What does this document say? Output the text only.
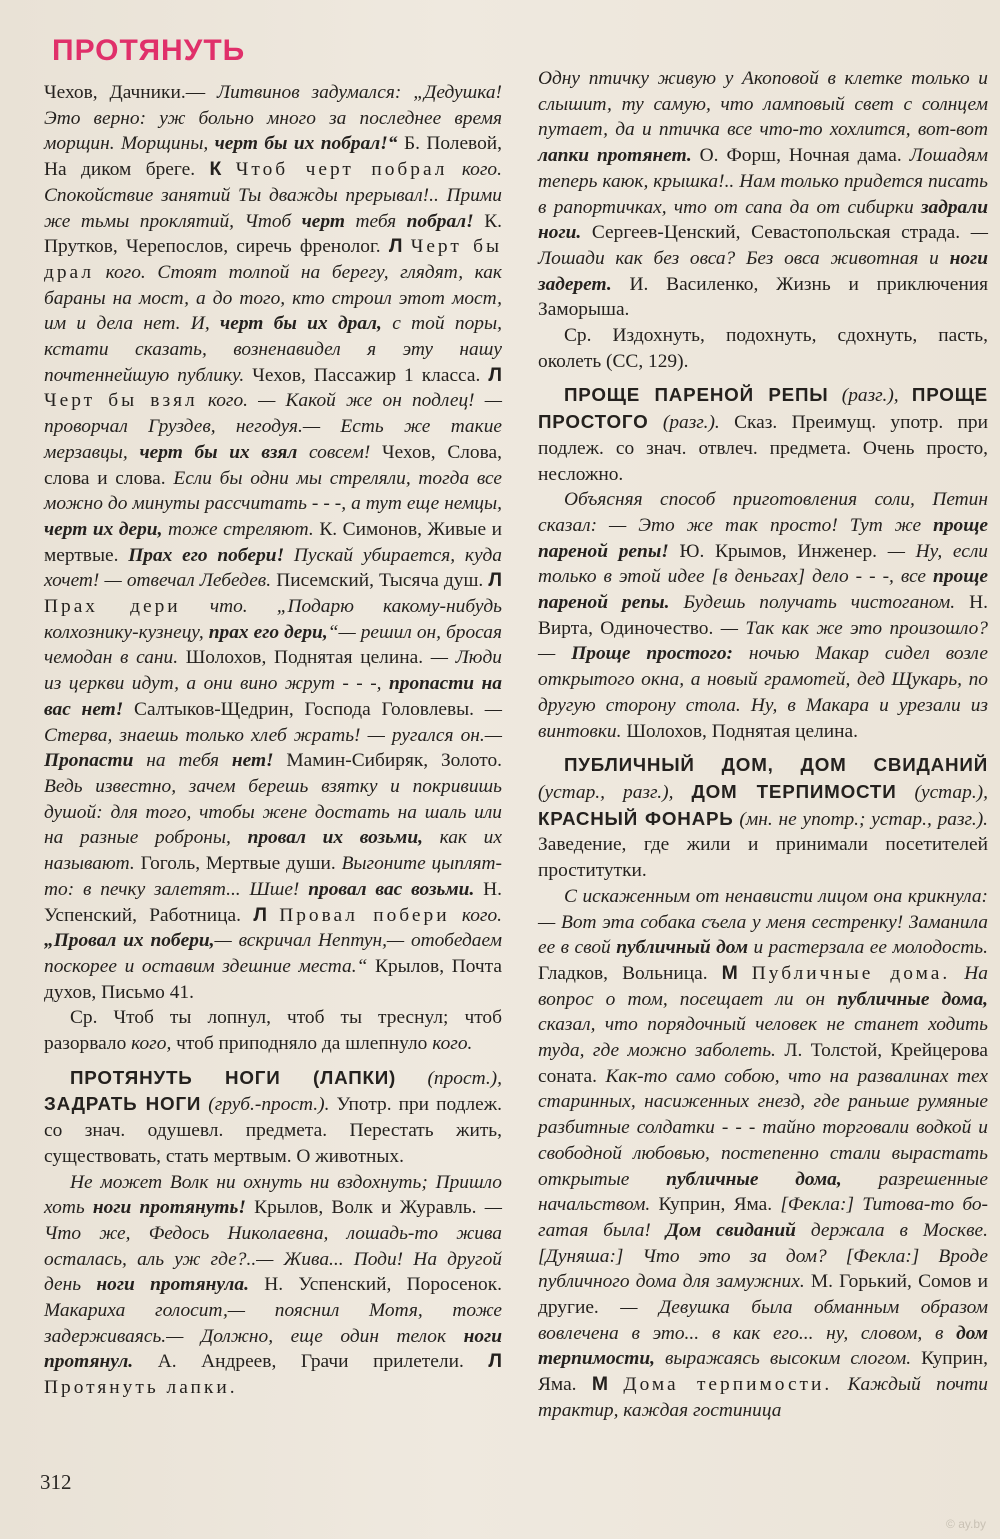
ПРОТЯНУТЬ

Чехов, Дачники.— Литвинов задумался: „Дедушка! Это верно: уж больно много за последнее время морщин. Морщины, черт бы их побрал!“ Б. Полевой, На диком бреге. К Чтоб черт побрал кого. Спокойствие занятий Ты дважды прерывал!.. Прими же тьмы проклятий, Чтоб черт тебя побрал! К. Прутков, Черепослов, сиречь френолог. Л Черт бы драл кого. Стоят толпой на берегу, глядят, как бараны на мост, а до того, кто строил этот мост, им и дела нет. И, черт бы их драл, с той поры, кстати сказать, возненавидел я эту нашу почтеннейшую публику. Чехов, Пассажир 1 класса. Л Черт бы взял кого. — Какой же он подлец! — проворчал Груздев, негодуя.— Есть же такие мерзавцы, черт бы их взял совсем! Чехов, Слова, слова и слова. Если бы одни мы стреляли, тогда все можно до минуты рассчитать - - -, а тут еще немцы, черт их дери, тоже стреляют. К. Симонов, Живые и мертвые. Прах его побери! Пускай убирается, куда хочет! — отвечал Лебедев. Писемский, Тысяча душ. Л Прах дери что. „Подарю какому-нибудь колхознику-кузнецу, прах его дери,“— решил он, бросая чемодан в сани. Шолохов, Поднятая целина. — Люди из церкви идут, а они вино жрут - - -, пропасти на вас нет! Салтыков-Щедрин, Господа Головлевы. — Стерва, знаешь только хлеб жрать! — ругался он.— Пропасти на тебя нет! Мамин-Сибиряк, Золото. Ведь известно, зачем берешь взятку и покривишь душой: для того, чтобы жене достать на шаль или на разные роброны, провал их возьми, как их называют. Гоголь, Мертвые души. Выгоните цыплят-то: в печку залетят... Шше! провал вас возьми. Н. Успенский, Работница. Л Провал побери кого. „Провал их побери,— вскричал Нептун,— отобедаем поскорее и оставим здешние места.“ Крылов, Почта духов, Письмо 41.

Ср. Чтоб ты лопнул, чтоб ты треснул; чтоб разорвало кого, чтоб приподняло да шлепнуло кого.

ПРОТЯНУТЬ НОГИ (ЛАПКИ) (прост.), ЗАДРАТЬ НОГИ (груб.-прост.). Употр. при подлеж. со знач. одушевл. предмета. Перестать жить, существовать, стать мертвым. О животных.

Не может Волк ни охнуть ни вздохнуть; Пришло хоть ноги протянуть! Крылов, Волк и Журавль. — Что же, Федось Николаевна, лошадь-то жива осталась, аль уж где?..— Жива... Поди! На другой день ноги протянула. Н. Успенский, Поросенок. Макариха голосит,— пояснил Мотя, тоже задерживаясь.— Должно, еще один телок ноги протянул. А. Андреев, Грачи прилетели. Л Протянуть лапки.

Одну птичку живую у Акоповой в клетке только и слышит, ту самую, что ламповый свет с солнцем путает, да и птичка все что-то хохлится, вот-вот лапки протянет. О. Форш, Ночная дама. Лошадям теперь каюк, крышка!.. Нам только придется писать в рапортичках, что от сапа да от сибирки задрали ноги. Сергеев-Ценский, Севастопольская страда. — Лошади как без овса? Без овса животная и ноги задерет. И. Василенко, Жизнь и приключения Заморыша.

Ср. Издохнуть, подохнуть, сдохнуть, пасть, околеть (СС, 129).

ПРОЩЕ ПАРЕНОЙ РЕПЫ (разг.), ПРОЩЕ ПРОСТОГО (разг.). Сказ. Преимущ. употр. при подлеж. со знач. отвлеч. предмета. Очень просто, несложно.

Объясняя способ приготовления соли, Петин сказал: — Это же так просто! Тут же проще пареной репы! Ю. Крымов, Инженер. — Ну, если только в этой идее [в деньгах] дело - - -, все проще пареной репы. Будешь получать чистоганом. Н. Вирта, Одиночество. — Так как же это произошло? — Проще простого: ночью Макар сидел возле открытого окна, а новый грамотей, дед Щукарь, по другую сторону стола. Ну, в Макара и урезали из винтовки. Шолохов, Поднятая целина.

ПУБЛИЧНЫЙ ДОМ, ДОМ СВИДАНИЙ (устар., разг.), ДОМ ТЕРПИМОСТИ (устар.), КРАСНЫЙ ФОНАРЬ (мн. не употр.; устар., разг.). Заведение, где жили и принимали посетителей проститутки.

С искаженным от ненависти лицом она крикнула: — Вот эта собака съела у меня сестренку! Заманила ее в свой публичный дом и растерзала ее молодость. Гладков, Вольница. М Публичные дома. На вопрос о том, посещает ли он публичные дома, сказал, что порядочный человек не станет ходить туда, где можно заболеть. Л. Толстой, Крейцерова соната. Как-то само собою, что на развалинах тех старинных, насиженных гнезд, где раньше румяные разбитные солдатки - - - тайно торговали водкой и свободной любовью, постепенно стали вырастать открытые публичные дома, разрешенные начальством. Куприн, Яма. [Фекла:] Титова-то бо-гатая была! Дом свиданий держала в Москве. [Дуняша:] Что это за дом? [Фекла:] Вроде публичного дома для замужних. М. Горький, Сомов и другие. — Девушка была обманным образом вовлечена в это... в как его... ну, словом, в дом терпимости, выражаясь высоким слогом. Куприн, Яма. М Дома терпимости. Каждый почти трактир, каждая гостиница

312
© ay.by
